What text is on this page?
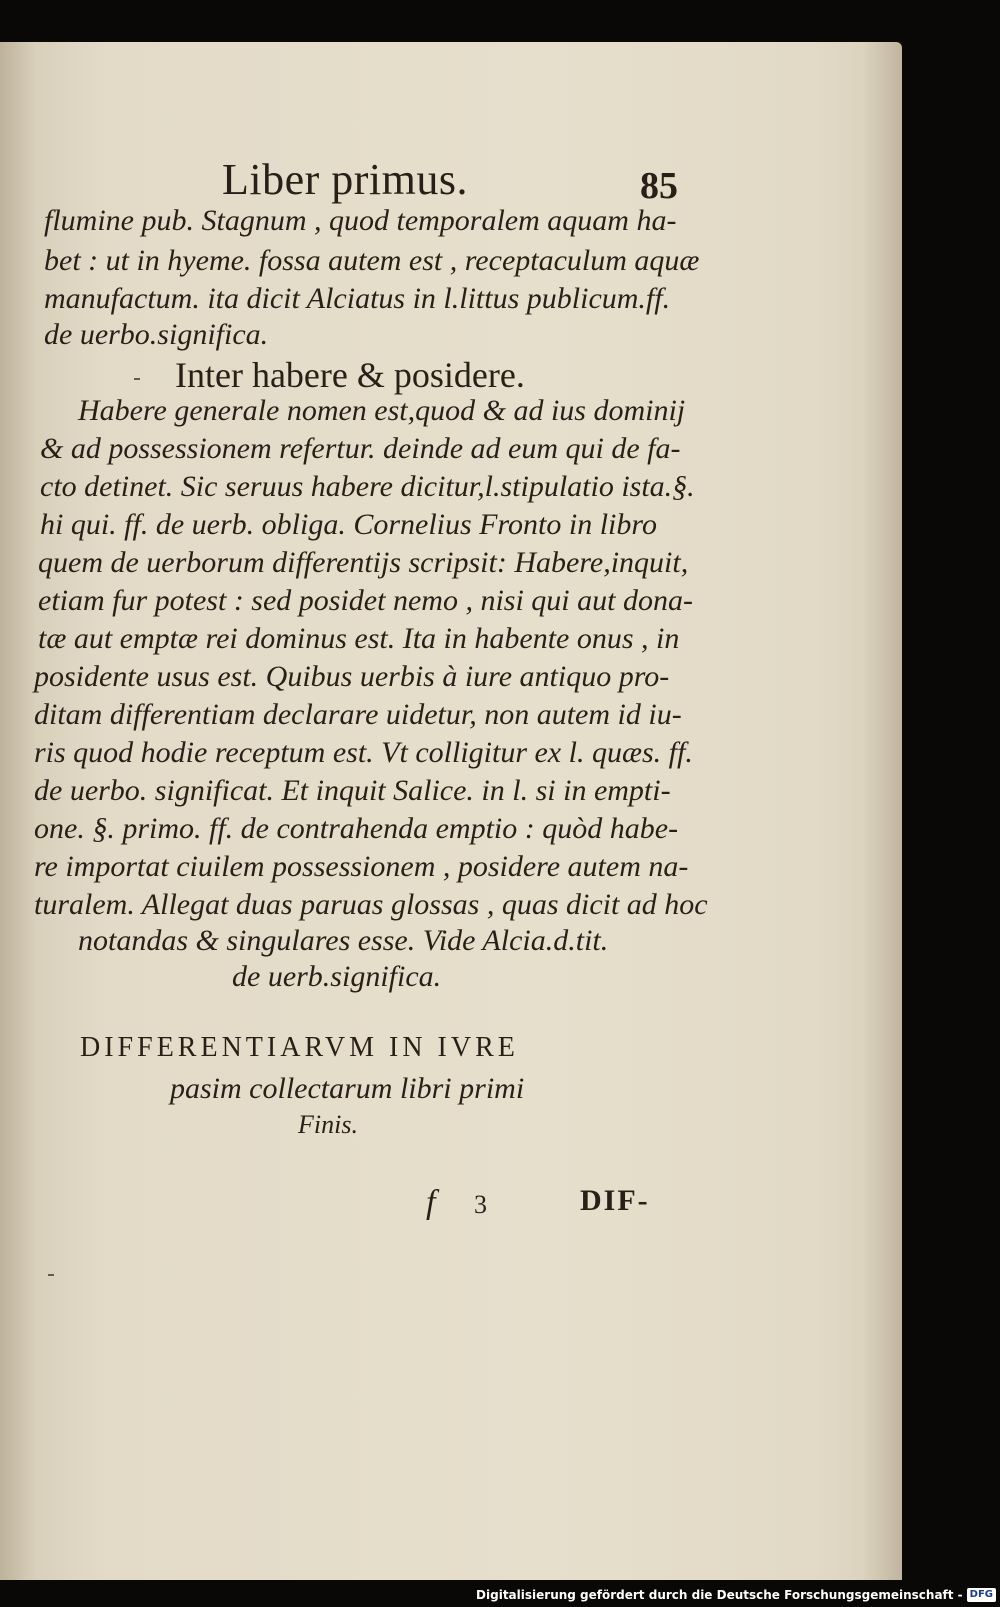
Liber primus.	85
flumine pub. Stagnum , quod temporalem aquam ha-
bet : ut in hyeme. fossa autem est , receptaculum aquæ
manufactum. ita dicit Alciatus in l.littus publicum.ff.
de uerbo.significa.
Inter habere & posidere.
Habere generale nomen est,quod & ad ius dominij
& ad possessionem refertur. deinde ad eum qui de fa-
cto detinet. Sic seruus habere dicitur,l.stipulatio ista.§.
hi qui. ff. de uerb. obliga. Cornelius Fronto in libro
quem de uerborum differentijs scripsit: Habere,inquit,
etiam fur potest : sed posidet nemo , nisi qui aut dona-
tæ aut emptæ rei dominus est. Ita in habente onus , in
posidente usus est. Quibus uerbis à iure antiquo pro-
ditam differentiam declarare uidetur, non autem id iu-
ris quod hodie receptum est. Vt colligitur ex l. quæs. ff.
de uerbo. significat. Et inquit Salice. in l. si in empti-
one. §. primo. ff. de contrahenda emptio : quòd habe-
re importat ciuilem possessionem , posidere autem na-
turalem. Allegat duas paruas glossas , quas dicit ad hoc
notandas & singulares esse. Vide Alcia.d.tit.
de uerb.significa.
DIFFERENTIARVM IN IVRE
pasim collectarum libri primi
Finis.
f 3	DIF-
Digitalisierung gefördert durch die Deutsche Forschungsgemeinschaft - DFG
